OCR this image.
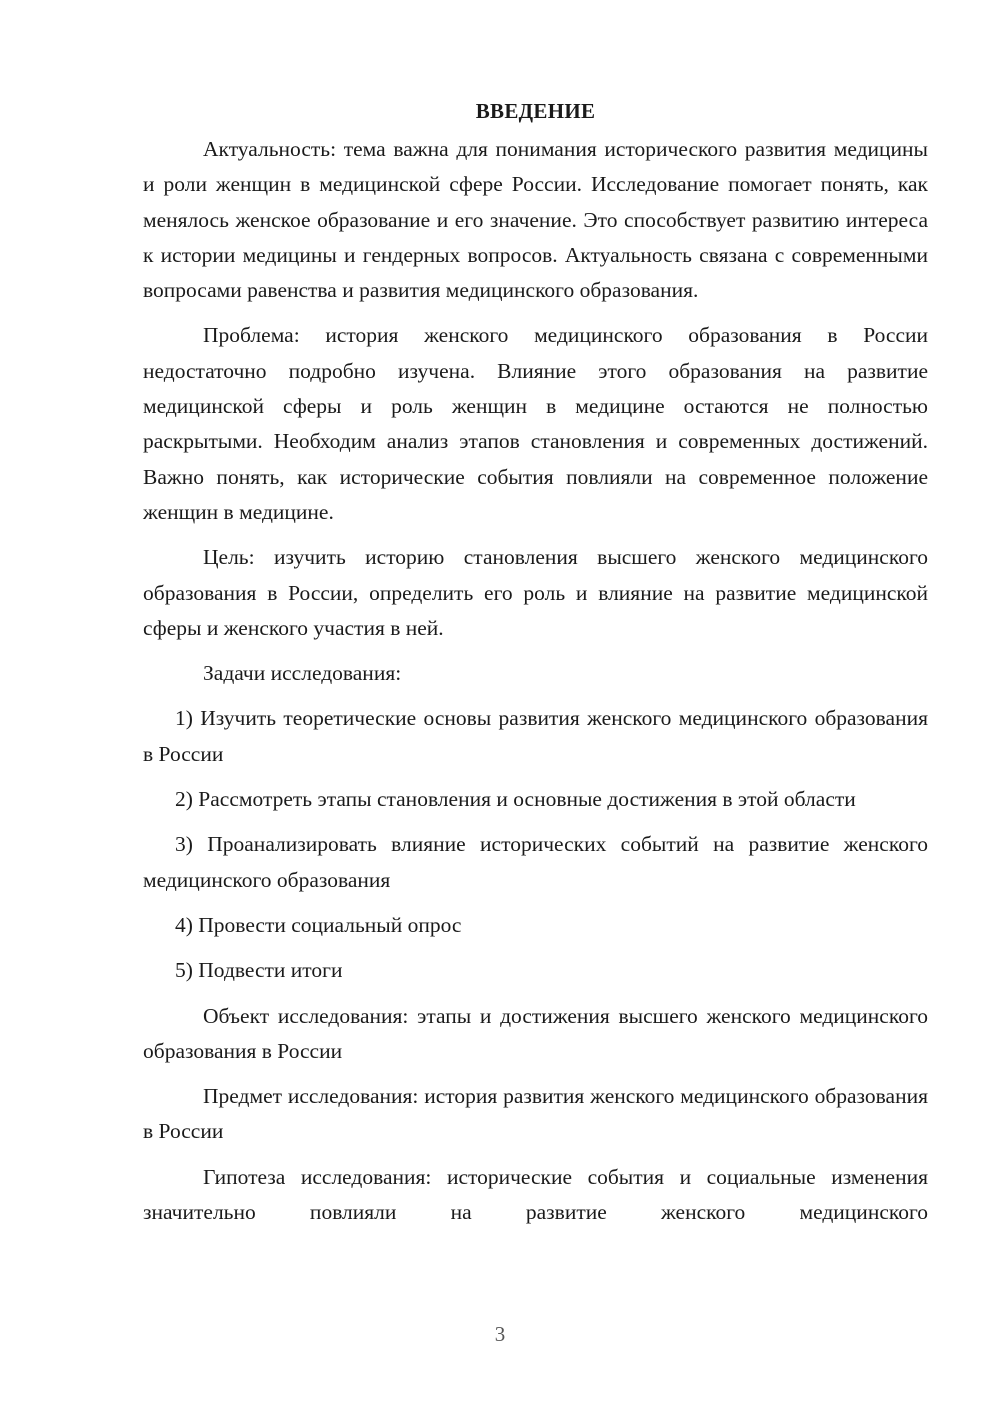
ВВЕДЕНИЕ

Актуальность: тема важна для понимания исторического развития медицины и роли женщин в медицинской сфере России. Исследование помогает понять, как менялось женское образование и его значение. Это способствует развитию интереса к истории медицины и гендерных вопросов. Актуальность связана с современными вопросами равенства и развития медицинского образования.

Проблема: история женского медицинского образования в России недостаточно подробно изучена. Влияние этого образования на развитие медицинской сферы и роль женщин в медицине остаются не полностью раскрытыми. Необходим анализ этапов становления и современных достижений. Важно понять, как исторические события повлияли на современное положение женщин в медицине.

Цель: изучить историю становления высшего женского медицинского образования в России, определить его роль и влияние на развитие медицинской сферы и женского участия в ней.

Задачи исследования:

1) Изучить теоретические основы развития женского медицинского образования в России

2) Рассмотреть этапы становления и основные достижения в этой области

3) Проанализировать влияние исторических событий на развитие женского медицинского образования

4) Провести социальный опрос

5) Подвести итоги

Объект исследования: этапы и достижения высшего женского медицинского образования в России

Предмет исследования: история развития женского медицинского образования в России

Гипотеза исследования: исторические события и социальные изменения значительно повлияли на развитие женского медицинского

3
